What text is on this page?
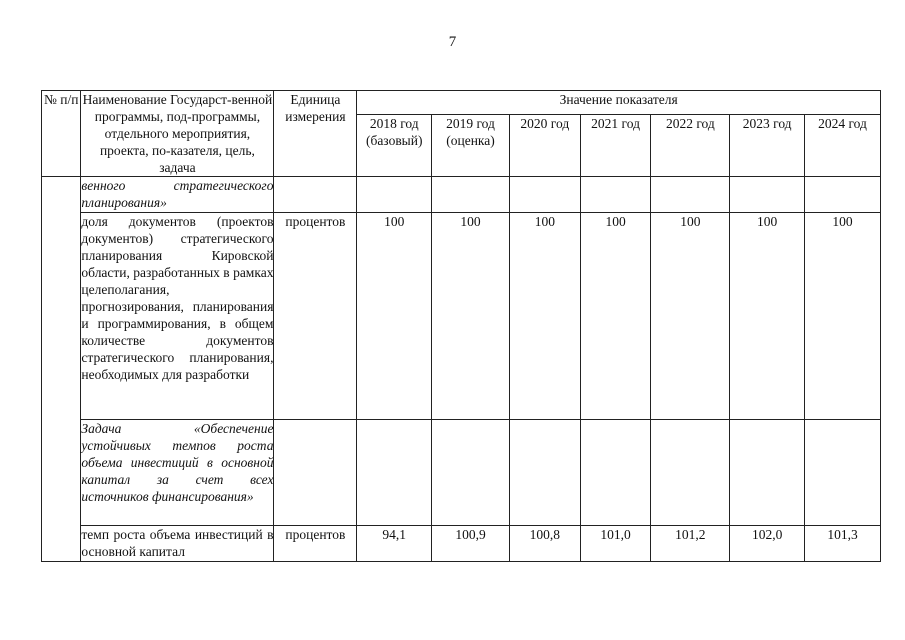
7
№ п/п	Наименование Государст-венной программы, под-программы, отдельного мероприятия, проекта, по-казателя, цель, задача	Единица измерения	Значение показателя						
			2018 год (базовый)	2019 год (оценка)	2020 год	2021 год	2022 год	2023 год	2024 год
	венного стратегического планирования»								
	доля документов (проектов документов) стратегического планирования Кировской области, разработанных в рамках целеполагания, прогнозирования, планирования и программирования, в общем количестве документов стратегического планирования, необходимых для разработки	процентов	100	100	100	100	100	100	100
	Задача «Обеспечение устойчивых темпов роста объема инвестиций в основной капитал за счет всех источников финансирования»								
	темп роста объема инвестиций в основной капитал	процентов	94,1	100,9	100,8	101,0	101,2	102,0	101,3
